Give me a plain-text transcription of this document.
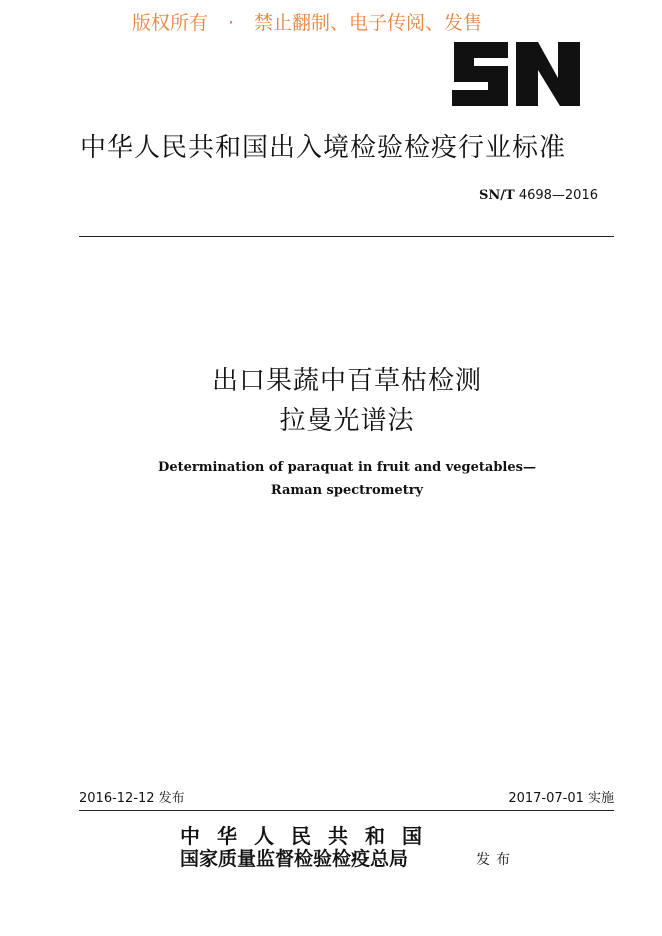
版权所有 · 禁止翻制、电子传阅、发售
SN
中华人民共和国出入境检验检疫行业标准
SN/T 4698—2016
出口果蔬中百草枯检测
拉曼光谱法
Determination of paraquat in fruit and vegetables—
Raman spectrometry
2016-12-12 发布	2017-07-01 实施
中华人民共和国
国家质量监督检验检疫总局	发布
